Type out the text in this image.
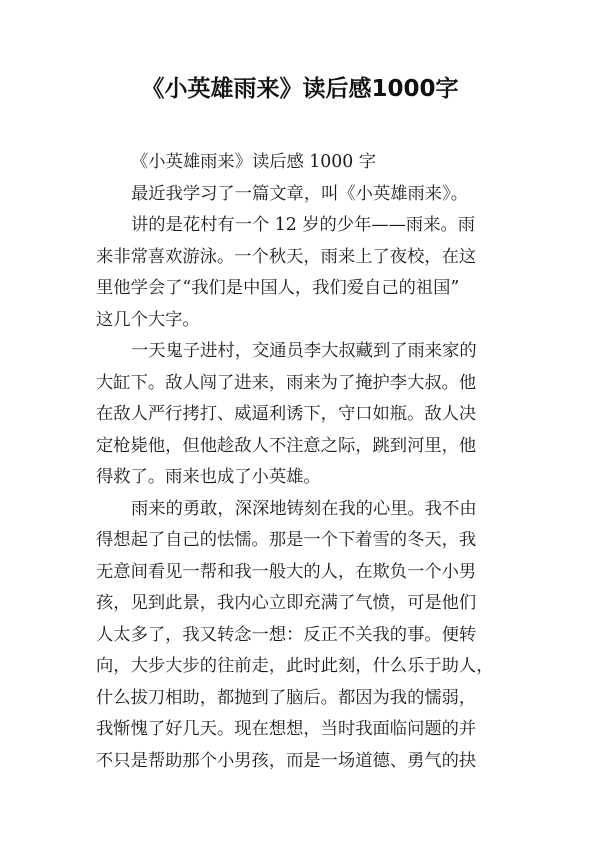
《小英雄雨来》读后感1000字
《小英雄雨来》读后感 1000 字
最近我学习了一篇文章，叫《小英雄雨来》。
讲的是花村有一个 12 岁的少年——雨来。雨
来非常喜欢游泳。一个秋天，雨来上了夜校，在这
里他学会了“我们是中国人，我们爱自己的祖国”
这几个大字。
一天鬼子进村，交通员李大叔藏到了雨来家的
大缸下。敌人闯了进来，雨来为了掩护李大叔。他
在敌人严行拷打、威逼利诱下，守口如瓶。敌人决
定枪毙他，但他趁敌人不注意之际，跳到河里，他
得救了。雨来也成了小英雄。
雨来的勇敢，深深地铸刻在我的心里。我不由
得想起了自己的怯懦。那是一个下着雪的冬天，我
无意间看见一帮和我一般大的人，在欺负一个小男
孩，见到此景，我内心立即充满了气愤，可是他们
人太多了，我又转念一想：反正不关我的事。便转
向，大步大步的往前走，此时此刻，什么乐于助人，
什么拔刀相助，都抛到了脑后。都因为我的懦弱，
我惭愧了好几天。现在想想，当时我面临问题的并
不只是帮助那个小男孩，而是一场道德、勇气的抉
